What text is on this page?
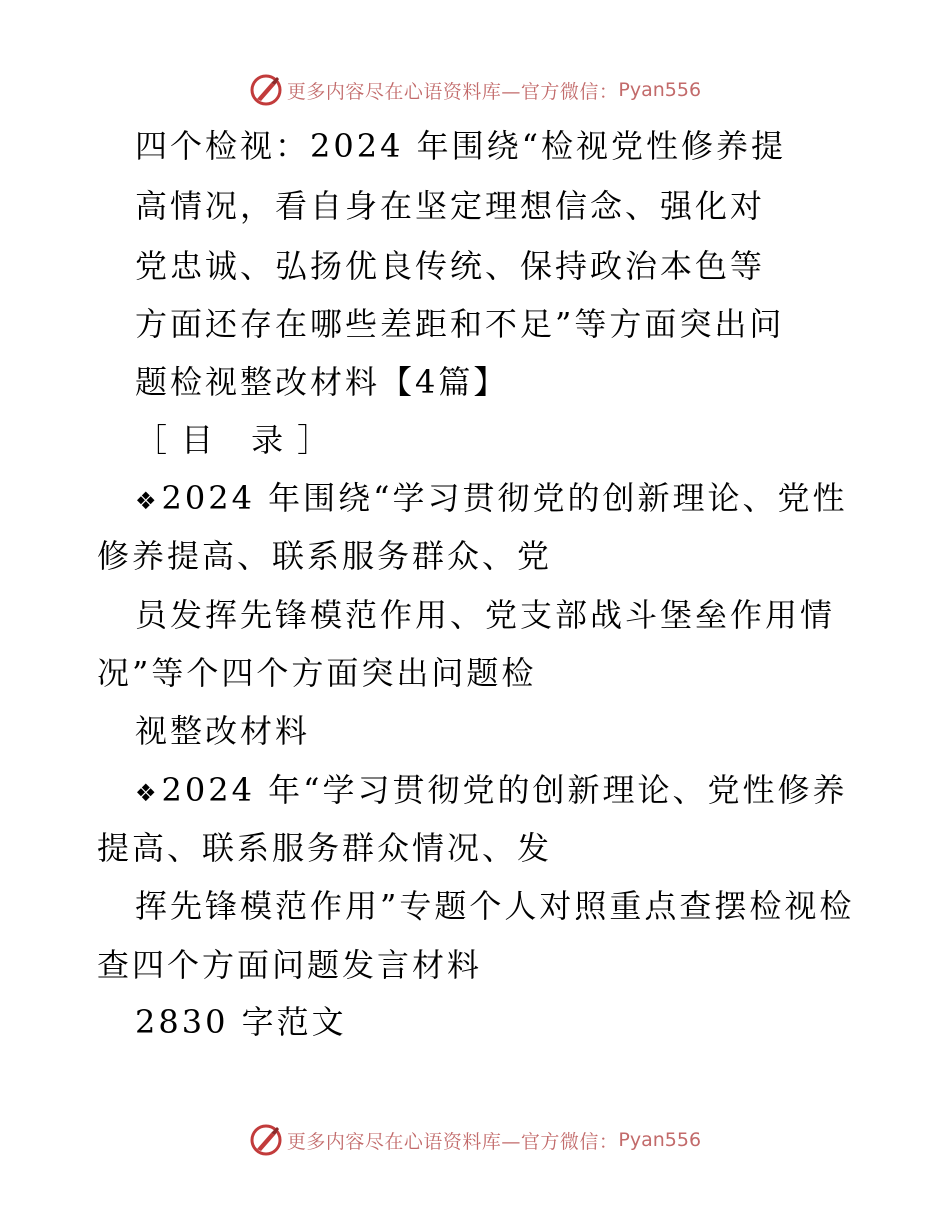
更多内容尽在心语资料库—官方微信： Pyan556
四个检视：2024 年围绕“检视党性修养提
高情况，看自身在坚定理想信念、强化对
党忠诚、弘扬优良传统、保持政治本色等
方面还存在哪些差距和不足”等方面突出问
题检视整改材料【4篇】
［目 录］
❖2024 年围绕“学习贯彻党的创新理论、党性
修养提高、联系服务群众、党
员发挥先锋模范作用、党支部战斗堡垒作用情
况”等个四个方面突出问题检
视整改材料
❖2024 年“学习贯彻党的创新理论、党性修养
提高、联系服务群众情况、发
挥先锋模范作用”专题个人对照重点查摆检视检
查四个方面问题发言材料
2830 字范文
更多内容尽在心语资料库—官方微信： Pyan556
